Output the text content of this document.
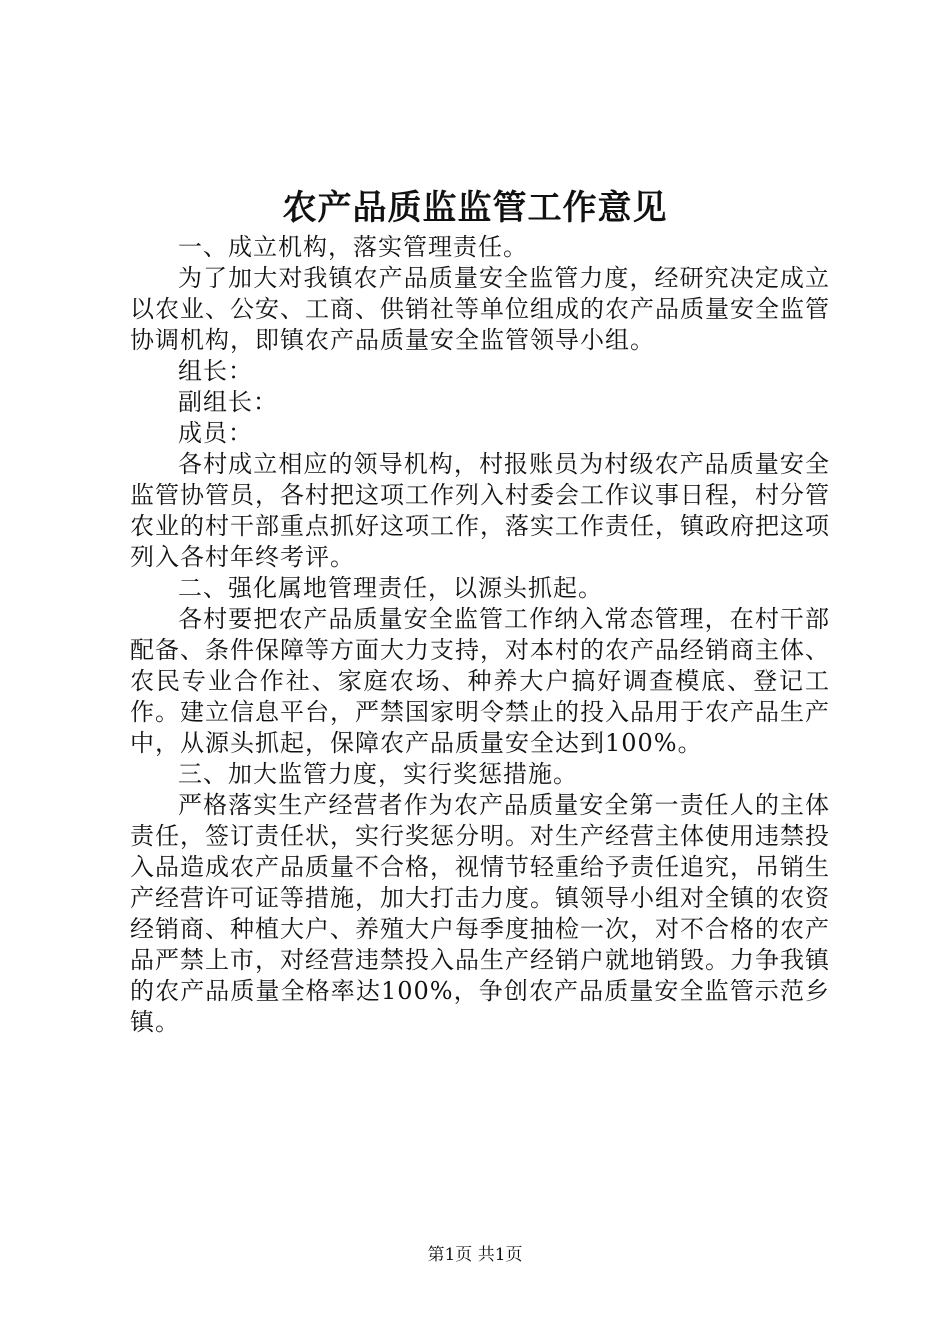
农产品质监监管工作意见

一、成立机构，落实管理责任。

为了加大对我镇农产品质量安全监管力度，经研究决定成立以农业、公安、工商、供销社等单位组成的农产品质量安全监管协调机构，即镇农产品质量安全监管领导小组。

组长：

副组长：

成员：

各村成立相应的领导机构，村报账员为村级农产品质量安全监管协管员，各村把这项工作列入村委会工作议事日程，村分管农业的村干部重点抓好这项工作，落实工作责任，镇政府把这项列入各村年终考评。

二、强化属地管理责任，以源头抓起。

各村要把农产品质量安全监管工作纳入常态管理，在村干部配备、条件保障等方面大力支持，对本村的农产品经销商主体、农民专业合作社、家庭农场、种养大户搞好调查模底、登记工作。建立信息平台，严禁国家明令禁止的投入品用于农产品生产中，从源头抓起，保障农产品质量安全达到100%。

三、加大监管力度，实行奖惩措施。

严格落实生产经营者作为农产品质量安全第一责任人的主体责任，签订责任状，实行奖惩分明。对生产经营主体使用违禁投入品造成农产品质量不合格，视情节轻重给予责任追究，吊销生产经营许可证等措施，加大打击力度。镇领导小组对全镇的农资经销商、种植大户、养殖大户每季度抽检一次，对不合格的农产品严禁上市，对经营违禁投入品生产经销户就地销毁。力争我镇的农产品质量全格率达100%，争创农产品质量安全监管示范乡镇。

第1页 共1页
